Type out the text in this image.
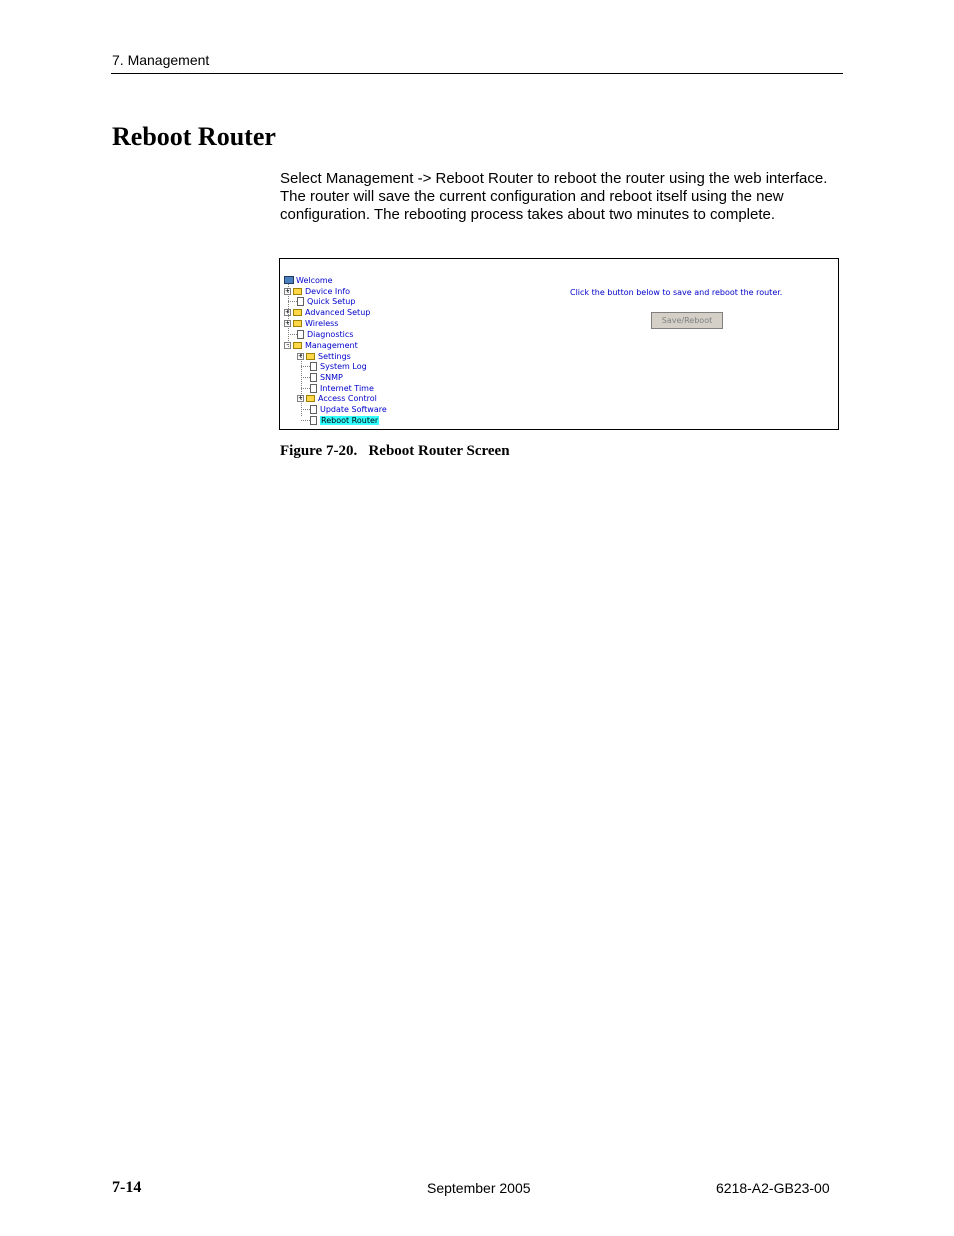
7. Management
Reboot Router

Select Management -> Reboot Router to reboot the router using the web interface. The router will save the current configuration and reboot itself using the new configuration. The rebooting process takes about two minutes to complete.

Welcome
+ Device Info
Quick Setup
+ Advanced Setup
+ Wireless
Diagnostics
- Management
+ Settings
System Log
SNMP
Internet Time
+ Access Control
Update Software
Reboot Router
Click the button below to save and reboot the router.
Save/Reboot
Figure 7-20.   Reboot Router Screen
7-14	September 2005	6218-A2-GB23-00
